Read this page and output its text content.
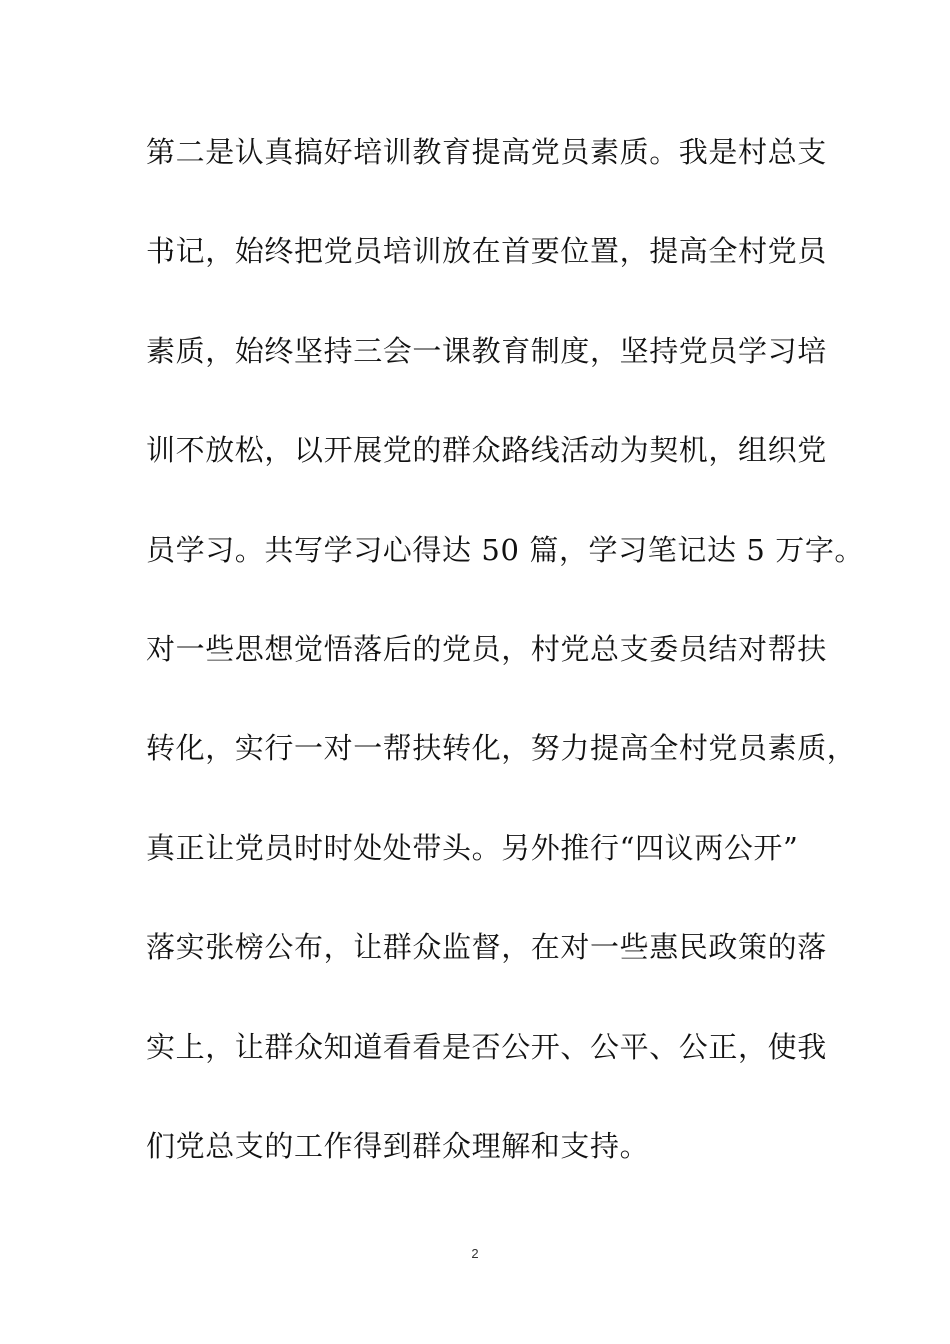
第二是认真搞好培训教育提高党员素质。我是村总支
书记，始终把党员培训放在首要位置，提高全村党员
素质，始终坚持三会一课教育制度，坚持党员学习培
训不放松，以开展党的群众路线活动为契机，组织党
员学习。共写学习心得达 50 篇，学习笔记达 5 万字。
对一些思想觉悟落后的党员，村党总支委员结对帮扶
转化，实行一对一帮扶转化，努力提高全村党员素质，
真正让党员时时处处带头。另外推行“四议两公开”
落实张榜公布，让群众监督，在对一些惠民政策的落
实上，让群众知道看看是否公开、公平、公正，使我
们党总支的工作得到群众理解和支持。
2
